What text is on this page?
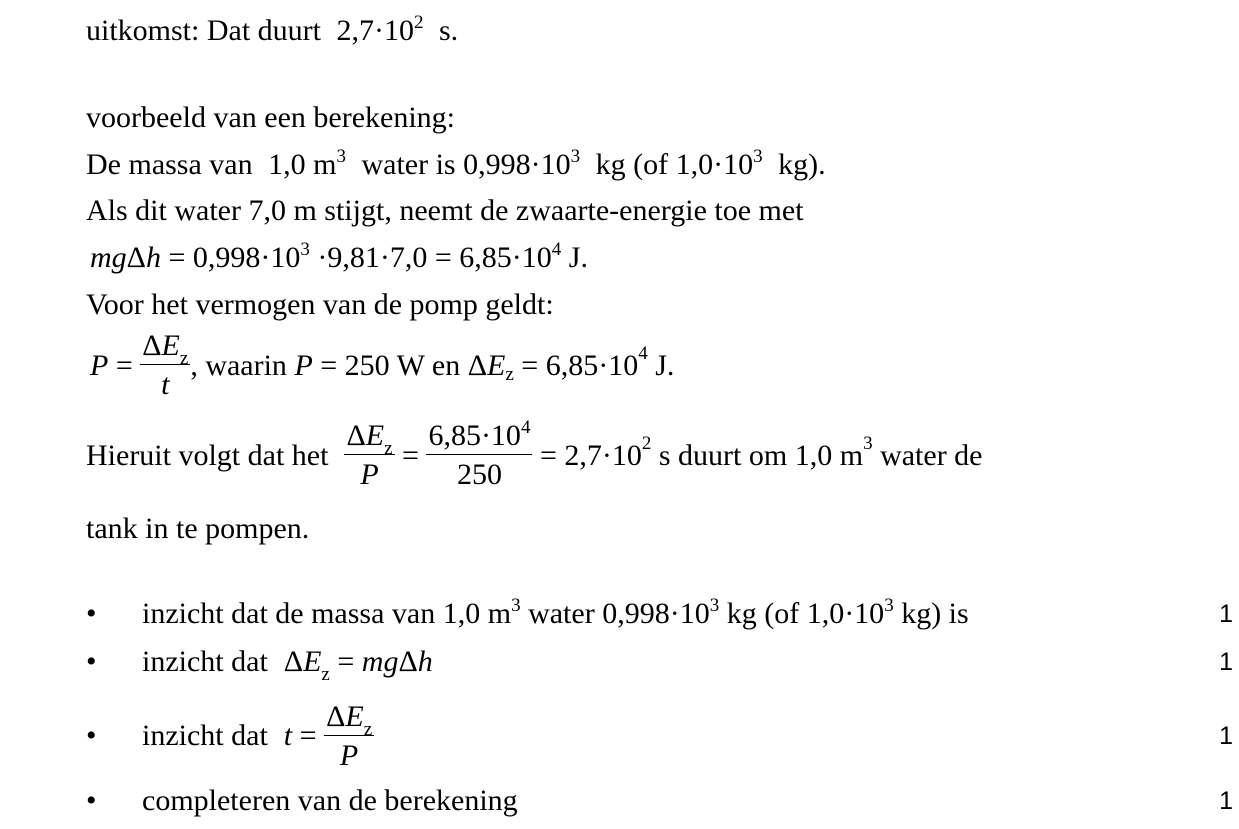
uitkomst: Dat duurt $2,7\cdot 10^2$ s.
voorbeeld van een berekening:
De massa van 1,0 $m^3$ water is $0,998\cdot 10^3$ kg (of $1,0\cdot 10^3$ kg).
Als dit water 7,0 m stijgt, neemt de zwaarte-energie toe met
$mg\Delta h = 0,998\cdot 10^3 \cdot 9,81\cdot 7,0 = 6,85\cdot 10^4$ J.
Voor het vermogen van de pomp geldt:
$P = \frac{\Delta E_z}{t}$ , waarin P = 250 W en Δ $E_z = 6,85\cdot 10^4$ J.
Hieruit volgt dat het $\frac{\Delta E_z}{P} = \frac{6,85\cdot 10^4}{250} = 2,7\cdot 10^2$ s duurt om 1,0 $m^3$ water de
tank in te pompen.
•	inzicht dat de massa van 1,0 $m^3$ water $0,998\cdot 10^3$ kg (of $1,0\cdot 10^3$ kg) is	1
•	inzicht dat $\Delta E_z = mg\Delta h$	1
•	inzicht dat $t = \frac{\Delta E_z}{P}$	1
•	completeren van de berekening	1
